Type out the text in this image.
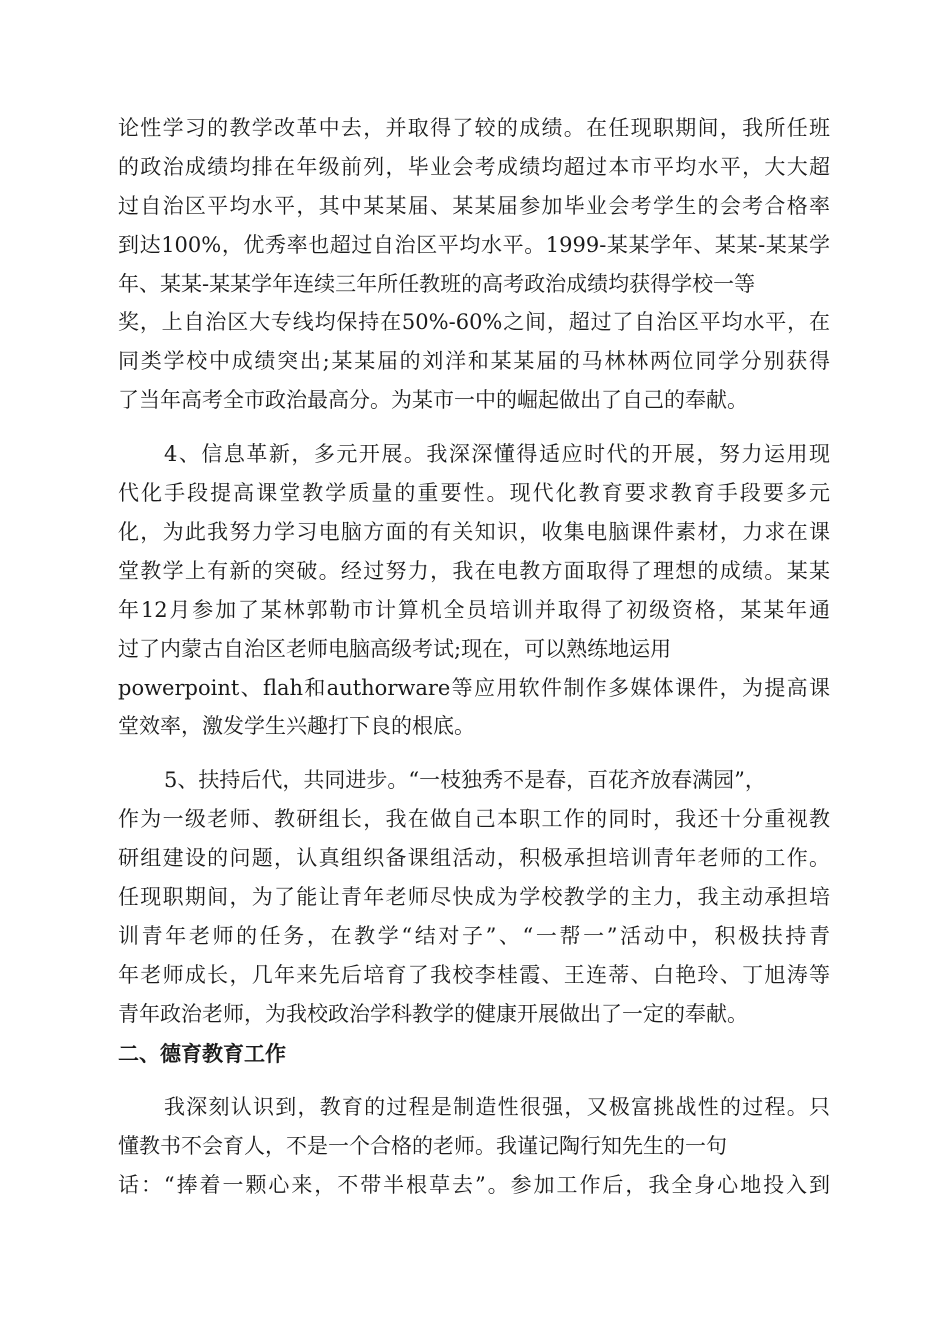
论性学习的教学改革中去，并取得了较的成绩。在任现职期间，我所任班
的政治成绩均排在年级前列，毕业会考成绩均超过本市平均水平，大大超
过自治区平均水平，其中某某届、某某届参加毕业会考学生的会考合格率
到达100%，优秀率也超过自治区平均水平。1999-某某学年、某某-某某学
年、某某-某某学年连续三年所任教班的高考政治成绩均获得学校一等
奖，上自治区大专线均保持在50%-60%之间，超过了自治区平均水平，在
同类学校中成绩突出;某某届的刘洋和某某届的马林林两位同学分别获得
了当年高考全市政治最高分。为某市一中的崛起做出了自己的奉献。
4、信息革新，多元开展。我深深懂得适应时代的开展，努力运用现
代化手段提高课堂教学质量的重要性。现代化教育要求教育手段要多元
化，为此我努力学习电脑方面的有关知识，收集电脑课件素材，力求在课
堂教学上有新的突破。经过努力，我在电教方面取得了理想的成绩。某某
年12月参加了某林郭勒市计算机全员培训并取得了初级资格，某某年通
过了内蒙古自治区老师电脑高级考试;现在，可以熟练地运用
powerpoint、flah和authorware等应用软件制作多媒体课件，为提高课
堂效率，激发学生兴趣打下良的根底。
5、扶持后代，共同进步。“一枝独秀不是春，百花齐放春满园”，
作为一级老师、教研组长，我在做自己本职工作的同时，我还十分重视教
研组建设的问题，认真组织备课组活动，积极承担培训青年老师的工作。
任现职期间，为了能让青年老师尽快成为学校教学的主力，我主动承担培
训青年老师的任务，在教学“结对子”、“一帮一”活动中，积极扶持青
年老师成长，几年来先后培育了我校李桂霞、王连蒂、白艳玲、丁旭涛等
青年政治老师，为我校政治学科教学的健康开展做出了一定的奉献。
二、德育教育工作
我深刻认识到，教育的过程是制造性很强，又极富挑战性的过程。只
懂教书不会育人，不是一个合格的老师。我谨记陶行知先生的一句
话：“捧着一颗心来，不带半根草去”。参加工作后，我全身心地投入到
